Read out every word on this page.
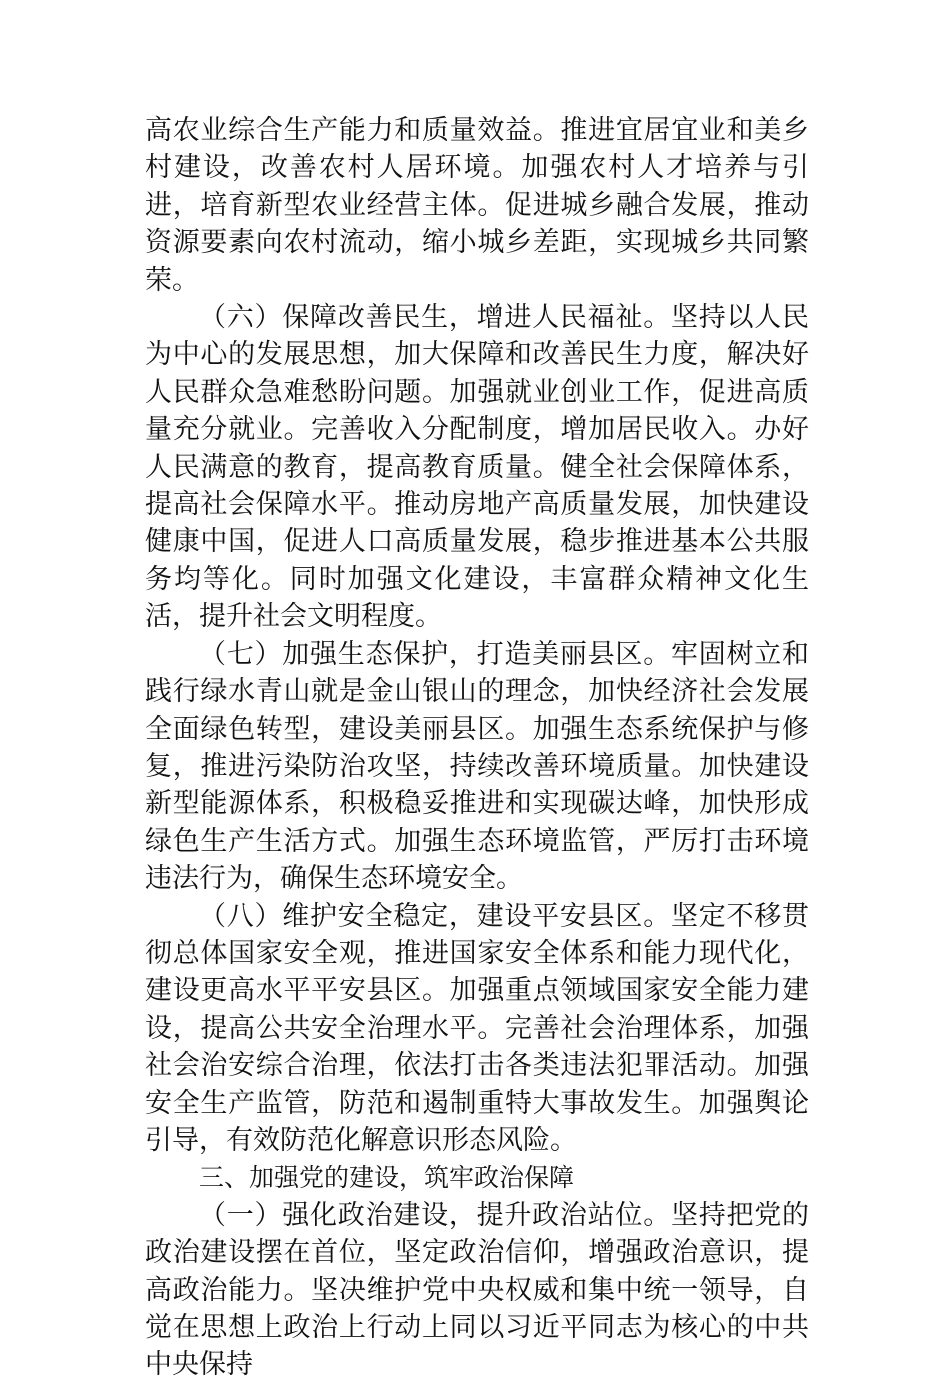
高农业综合生产能力和质量效益。推进宜居宜业和美乡村建设，改善农村人居环境。加强农村人才培养与引进，培育新型农业经营主体。促进城乡融合发展，推动资源要素向农村流动，缩小城乡差距，实现城乡共同繁荣。

（六）保障改善民生，增进人民福祉。坚持以人民为中心的发展思想，加大保障和改善民生力度，解决好人民群众急难愁盼问题。加强就业创业工作，促进高质量充分就业。完善收入分配制度，增加居民收入。办好人民满意的教育，提高教育质量。健全社会保障体系，提高社会保障水平。推动房地产高质量发展，加快建设健康中国，促进人口高质量发展，稳步推进基本公共服务均等化。同时加强文化建设，丰富群众精神文化生活，提升社会文明程度。

（七）加强生态保护，打造美丽县区。牢固树立和践行绿水青山就是金山银山的理念，加快经济社会发展全面绿色转型，建设美丽县区。加强生态系统保护与修复，推进污染防治攻坚，持续改善环境质量。加快建设新型能源体系，积极稳妥推进和实现碳达峰，加快形成绿色生产生活方式。加强生态环境监管，严厉打击环境违法行为，确保生态环境安全。

（八）维护安全稳定，建设平安县区。坚定不移贯彻总体国家安全观，推进国家安全体系和能力现代化，建设更高水平平安县区。加强重点领域国家安全能力建设，提高公共安全治理水平。完善社会治理体系，加强社会治安综合治理，依法打击各类违法犯罪活动。加强安全生产监管，防范和遏制重特大事故发生。加强舆论引导，有效防范化解意识形态风险。

三、加强党的建设，筑牢政治保障

（一）强化政治建设，提升政治站位。坚持把党的政治建设摆在首位，坚定政治信仰，增强政治意识，提高政治能力。坚决维护党中央权威和集中统一领导，自觉在思想上政治上行动上同以习近平同志为核心的中共中央保持
